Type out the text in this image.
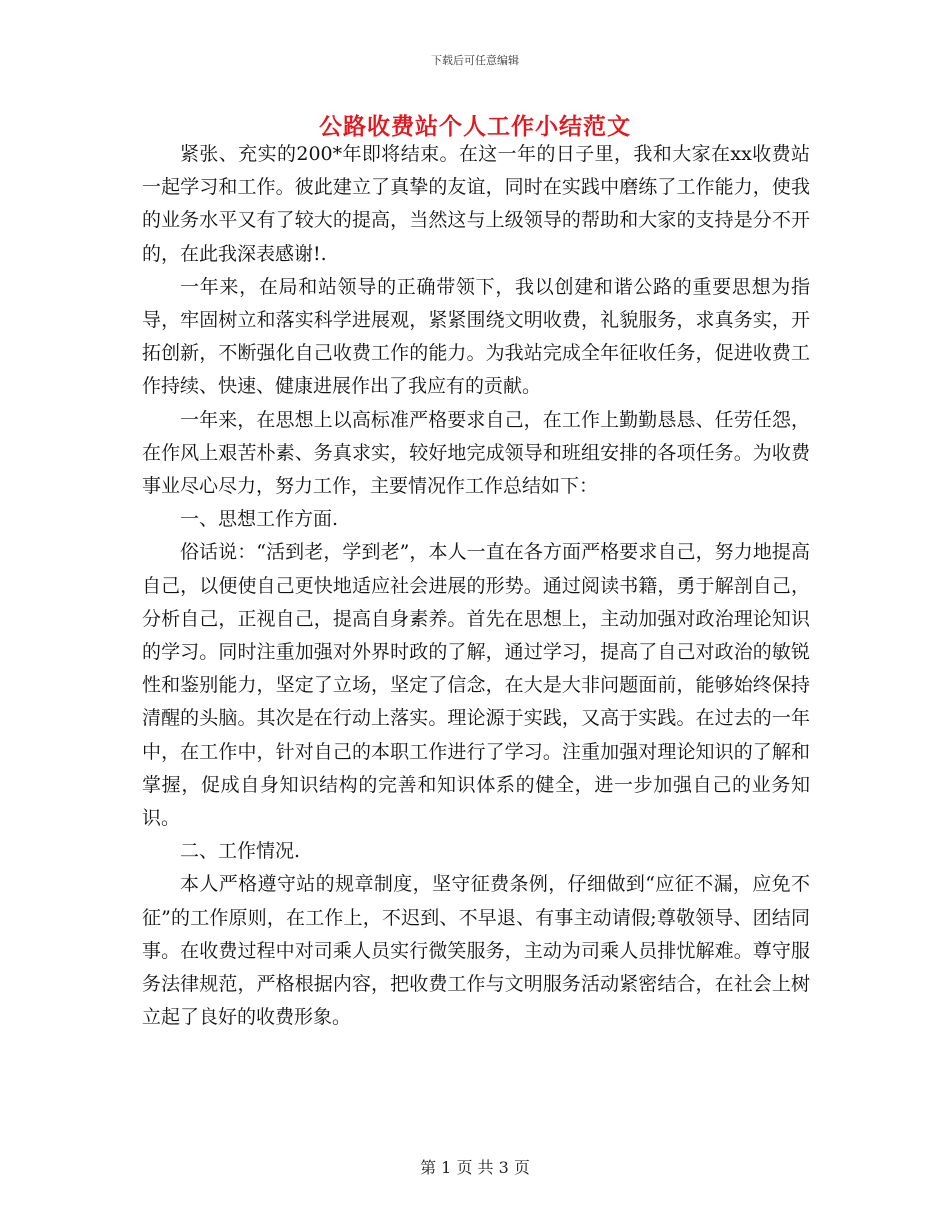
下载后可任意编辑
公路收费站个人工作小结范文

紧张、充实的200*年即将结束。在这一年的日子里，我和大家在xx收费站一起学习和工作。彼此建立了真挚的友谊，同时在实践中磨练了工作能力，使我的业务水平又有了较大的提高，当然这与上级领导的帮助和大家的支持是分不开的，在此我深表感谢!.

一年来，在局和站领导的正确带领下，我以创建和谐公路的重要思想为指导，牢固树立和落实科学进展观，紧紧围绕文明收费，礼貌服务，求真务实，开拓创新，不断强化自己收费工作的能力。为我站完成全年征收任务，促进收费工作持续、快速、健康进展作出了我应有的贡献。

一年来，在思想上以高标准严格要求自己，在工作上勤勤恳恳、任劳任怨，在作风上艰苦朴素、务真求实，较好地完成领导和班组安排的各项任务。为收费事业尽心尽力，努力工作，主要情况作工作总结如下：

一、思想工作方面.

俗话说：“活到老，学到老”，本人一直在各方面严格要求自己，努力地提高自己，以便使自己更快地适应社会进展的形势。通过阅读书籍，勇于解剖自己，分析自己，正视自己，提高自身素养。首先在思想上，主动加强对政治理论知识的学习。同时注重加强对外界时政的了解，通过学习，提高了自己对政治的敏锐性和鉴别能力，坚定了立场，坚定了信念，在大是大非问题面前，能够始终保持清醒的头脑。其次是在行动上落实。理论源于实践，又高于实践。在过去的一年中，在工作中，针对自己的本职工作进行了学习。注重加强对理论知识的了解和掌握，促成自身知识结构的完善和知识体系的健全，进一步加强自己的业务知识。

二、工作情况.

本人严格遵守站的规章制度，坚守征费条例，仔细做到“应征不漏，应免不征”的工作原则，在工作上，不迟到、不早退、有事主动请假;尊敬领导、团结同事。在收费过程中对司乘人员实行微笑服务，主动为司乘人员排忧解难。尊守服务法律规范，严格根据内容，把收费工作与文明服务活动紧密结合，在社会上树立起了良好的收费形象。

第 1 页 共 3 页
